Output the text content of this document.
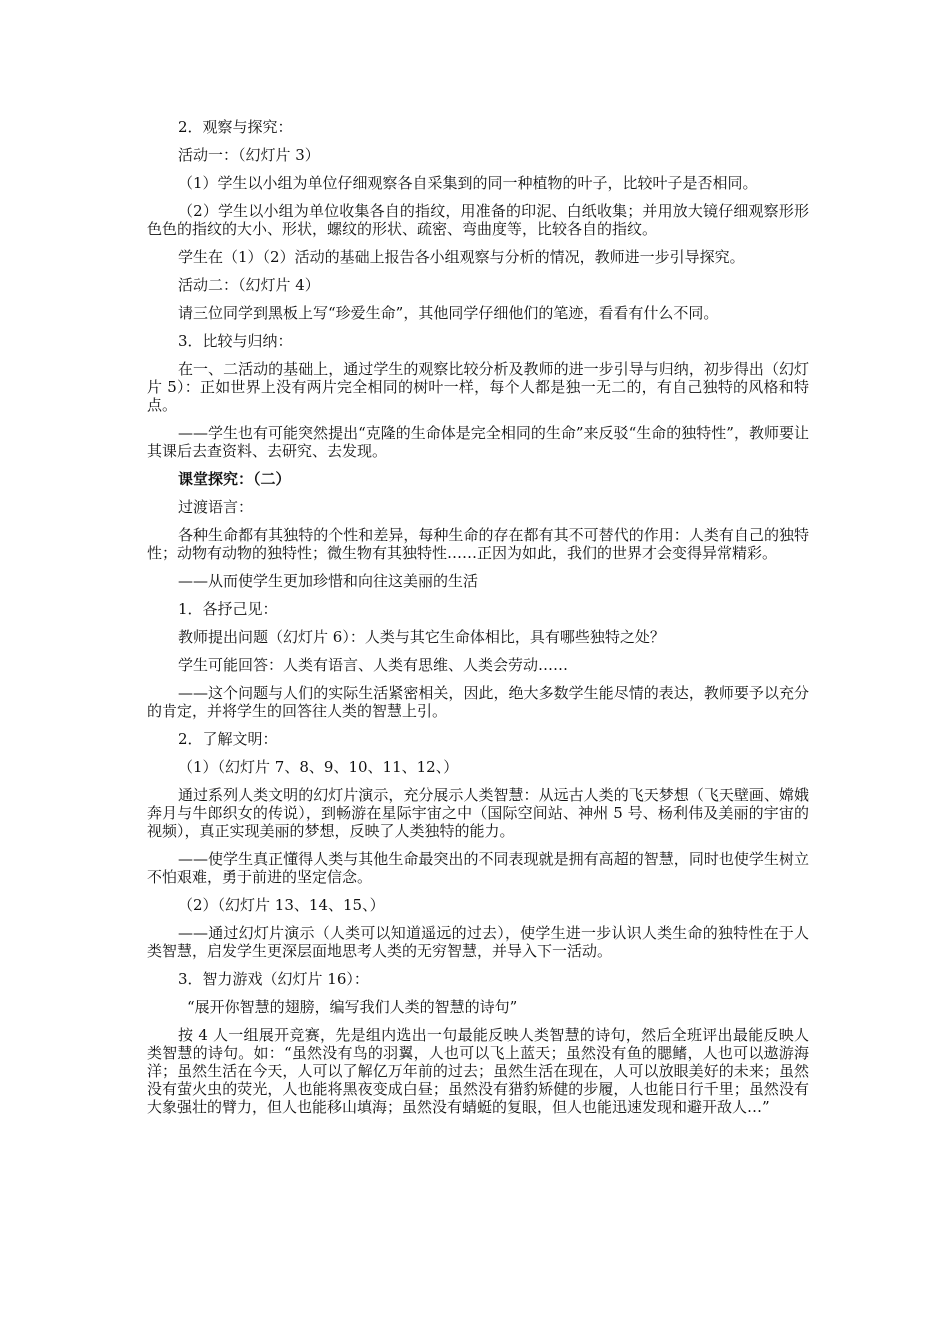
2．观察与探究：

活动一：（幻灯片 3）

（1）学生以小组为单位仔细观察各自采集到的同一种植物的叶子，比较叶子是否相同。

（2）学生以小组为单位收集各自的指纹，用准备的印泥、白纸收集；并用放大镜仔细观察形形色色的指纹的大小、形状，螺纹的形状、疏密、弯曲度等，比较各自的指纹。

学生在（1）（2）活动的基础上报告各小组观察与分析的情况，教师进一步引导探究。

活动二：（幻灯片 4）

请三位同学到黑板上写“珍爱生命”，其他同学仔细他们的笔迹，看看有什么不同。

3．比较与归纳：

在一、二活动的基础上，通过学生的观察比较分析及教师的进一步引导与归纳，初步得出（幻灯片 5）：正如世界上没有两片完全相同的树叶一样，每个人都是独一无二的，有自己独特的风格和特点。

——学生也有可能突然提出“克隆的生命体是完全相同的生命”来反驳“生命的独特性”，教师要让其课后去查资料、去研究、去发现。

课堂探究：（二）

过渡语言：

各种生命都有其独特的个性和差异，每种生命的存在都有其不可替代的作用：人类有自己的独特性；动物有动物的独特性；微生物有其独特性……正因为如此，我们的世界才会变得异常精彩。

——从而使学生更加珍惜和向往这美丽的生活

1．各抒己见：

教师提出问题（幻灯片 6）：人类与其它生命体相比，具有哪些独特之处？

学生可能回答：人类有语言、人类有思维、人类会劳动……

——这个问题与人们的实际生活紧密相关，因此，绝大多数学生能尽情的表达，教师要予以充分的肯定，并将学生的回答往人类的智慧上引。

2．了解文明：

（1）（幻灯片 7、8、9、10、11、12、）

通过系列人类文明的幻灯片演示，充分展示人类智慧：从远古人类的飞天梦想（飞天壁画、嫦娥奔月与牛郎织女的传说），到畅游在星际宇宙之中（国际空间站、神州 5 号、杨利伟及美丽的宇宙的视频），真正实现美丽的梦想，反映了人类独特的能力。

——使学生真正懂得人类与其他生命最突出的不同表现就是拥有高超的智慧，同时也使学生树立不怕艰难，勇于前进的坚定信念。

（2）（幻灯片 13、14、15、）

——通过幻灯片演示（人类可以知道遥远的过去），使学生进一步认识人类生命的独特性在于人类智慧，启发学生更深层面地思考人类的无穷智慧，并导入下一活动。

3．智力游戏（幻灯片 16）：

“展开你智慧的翅膀，编写我们人类的智慧的诗句”

按 4 人一组展开竞赛，先是组内选出一句最能反映人类智慧的诗句，然后全班评出最能反映人类智慧的诗句。如：“虽然没有鸟的羽翼，人也可以飞上蓝天；虽然没有鱼的腮鳍，人也可以遨游海洋；虽然生活在今天，人可以了解亿万年前的过去；虽然生活在现在，人可以放眼美好的未来；虽然没有萤火虫的荧光，人也能将黑夜变成白昼；虽然没有猎豹矫健的步履，人也能日行千里；虽然没有大象强壮的臂力，但人也能移山填海；虽然没有蜻蜓的复眼，但人也能迅速发现和避开敌人…”
